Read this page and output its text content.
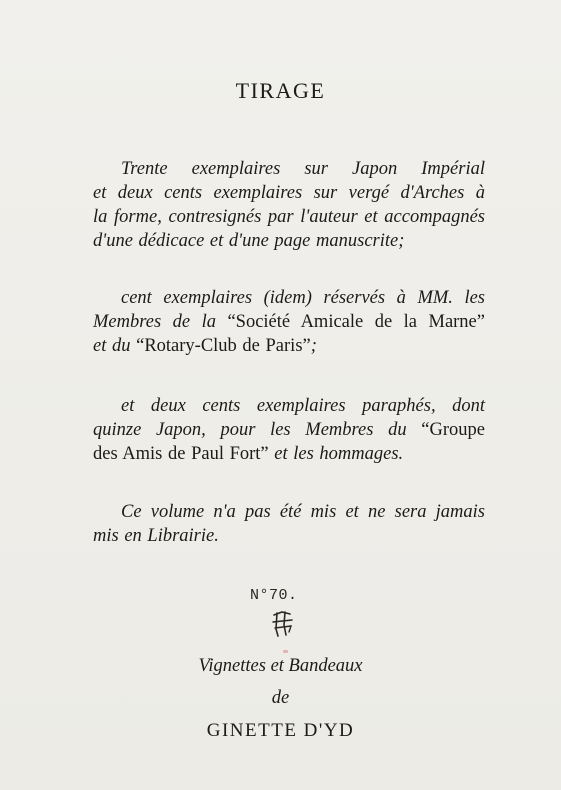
TIRAGE
Trente exemplaires sur Japon Impérial
et deux cents exemplaires sur vergé d'Arches à
la forme, contresignés par l'auteur et accompagnés
d'une dédicace et d'une page manuscrite;
cent exemplaires (idem) réservés à MM. les
Membres de la “Société Amicale de la Marne”
et du “Rotary-Club de Paris”;
et deux cents exemplaires paraphés, dont
quinze Japon, pour les Membres du “Groupe
des Amis de Paul Fort” et les hommages.
Ce volume n'a pas été mis et ne sera jamais
mis en Librairie.
N°70.
Vignettes et Bandeaux
de
GINETTE D'YD
